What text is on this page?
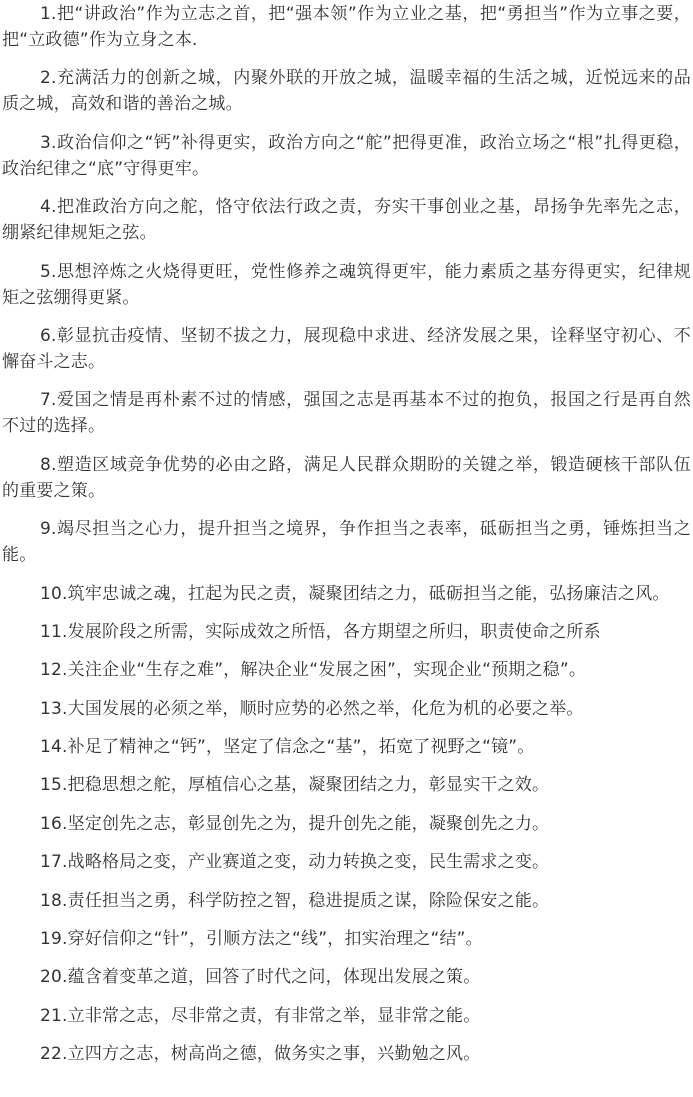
1.把“讲政治”作为立志之首，把“强本领”作为立业之基，把“勇担当”作为立事之要，把“立政德”作为立身之本.

2.充满活力的创新之城，内聚外联的开放之城，温暖幸福的生活之城，近悦远来的品质之城，高效和谐的善治之城。

3.政治信仰之“钙”补得更实，政治方向之“舵”把得更准，政治立场之“根”扎得更稳，政治纪律之“底”守得更牢。

4.把准政治方向之舵，恪守依法行政之责，夯实干事创业之基，昂扬争先率先之志，绷紧纪律规矩之弦。

5.思想淬炼之火烧得更旺，党性修养之魂筑得更牢，能力素质之基夯得更实，纪律规矩之弦绷得更紧。

6.彰显抗击疫情、坚韧不拔之力，展现稳中求进、经济发展之果，诠释坚守初心、不懈奋斗之志。

7.爱国之情是再朴素不过的情感，强国之志是再基本不过的抱负，报国之行是再自然不过的选择。

8.塑造区域竞争优势的必由之路，满足人民群众期盼的关键之举，锻造硬核干部队伍的重要之策。

9.竭尽担当之心力，提升担当之境界，争作担当之表率，砥砺担当之勇，锤炼担当之能。

10.筑牢忠诚之魂，扛起为民之责，凝聚团结之力，砥砺担当之能，弘扬廉洁之风。

11.发展阶段之所需，实际成效之所悟，各方期望之所归，职责使命之所系

12.关注企业“生存之难”，解决企业“发展之困”，实现企业“预期之稳”。

13.大国发展的必须之举，顺时应势的必然之举，化危为机的必要之举。

14.补足了精神之“钙”，坚定了信念之“基”，拓宽了视野之“镜”。

15.把稳思想之舵，厚植信心之基，凝聚团结之力，彰显实干之效。

16.坚定创先之志，彰显创先之为，提升创先之能，凝聚创先之力。

17.战略格局之变，产业赛道之变，动力转换之变，民生需求之变。

18.责任担当之勇，科学防控之智，稳进提质之谋，除险保安之能。

19.穿好信仰之“针”，引顺方法之“线”，扣实治理之“结”。

20.蕴含着变革之道，回答了时代之问，体现出发展之策。

21.立非常之志，尽非常之责，有非常之举，显非常之能。

22.立四方之志，树高尚之德，做务实之事，兴勤勉之风。
